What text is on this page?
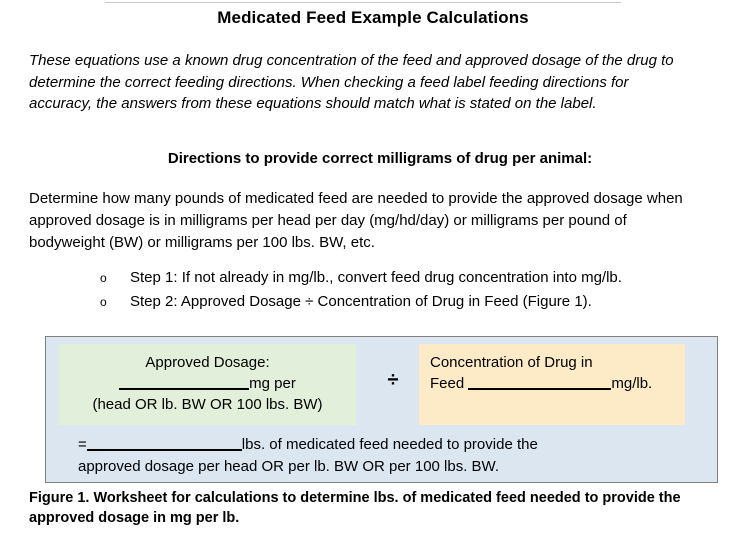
Medicated Feed Example Calculations
These equations use a known drug concentration of the feed and approved dosage of the drug to determine the correct feeding directions. When checking a feed label feeding directions for accuracy, the answers from these equations should match what is stated on the label.
Directions to provide correct milligrams of drug per animal:
Determine how many pounds of medicated feed are needed to provide the approved dosage when approved dosage is in milligrams per head per day (mg/hd/day) or milligrams per pound of bodyweight (BW) or milligrams per 100 lbs. BW, etc.
o	Step 1: If not already in mg/lb., convert feed drug concentration into mg/lb.
o	Step 2: Approved Dosage ÷ Concentration of Drug in Feed (Figure 1).
Approved Dosage:
mg per
(head OR lb. BW OR 100 lbs. BW)
÷
Concentration of Drug in
Feed	mg/lb.
=	lbs. of medicated feed needed to provide the
approved dosage per head OR per lb. BW OR per 100 lbs. BW.
Figure 1. Worksheet for calculations to determine lbs. of medicated feed needed to provide the approved dosage in mg per lb.
